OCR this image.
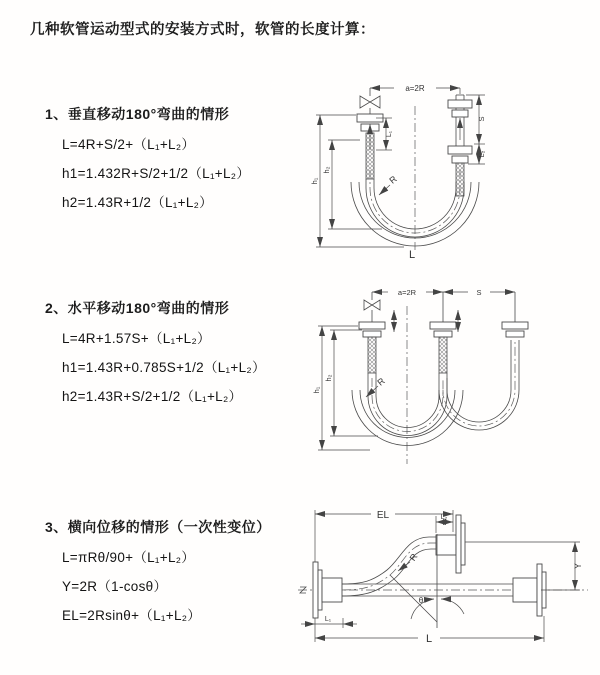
几种软管运动型式的安装方式时，软管的长度计算：
1、垂直移动180°弯曲的情形
L=4R+S/2+（L₁+L₂）
h1=1.432R+S/2+1/2（L₁+L₂）
h2=1.43R+1/2（L₁+L₂）
2、水平移动180°弯曲的情形
L=4R+1.57S+（L₁+L₂）
h1=1.43R+0.785S+1/2（L₁+L₂）
h2=1.43R+S/2+1/2（L₁+L₂）
3、横向位移的情形（一次性变位）
L=πRθ/90+（L₁+L₂）
Y=2R（1-cosθ）
EL=2Rsinθ+（L₁+L₂）
a=2R
h₁
h₂
L₁
S
L₂
R
L
a=2R	S
h₁
h₂	R
EL	L₂
Y
R
θ
L₁
L
